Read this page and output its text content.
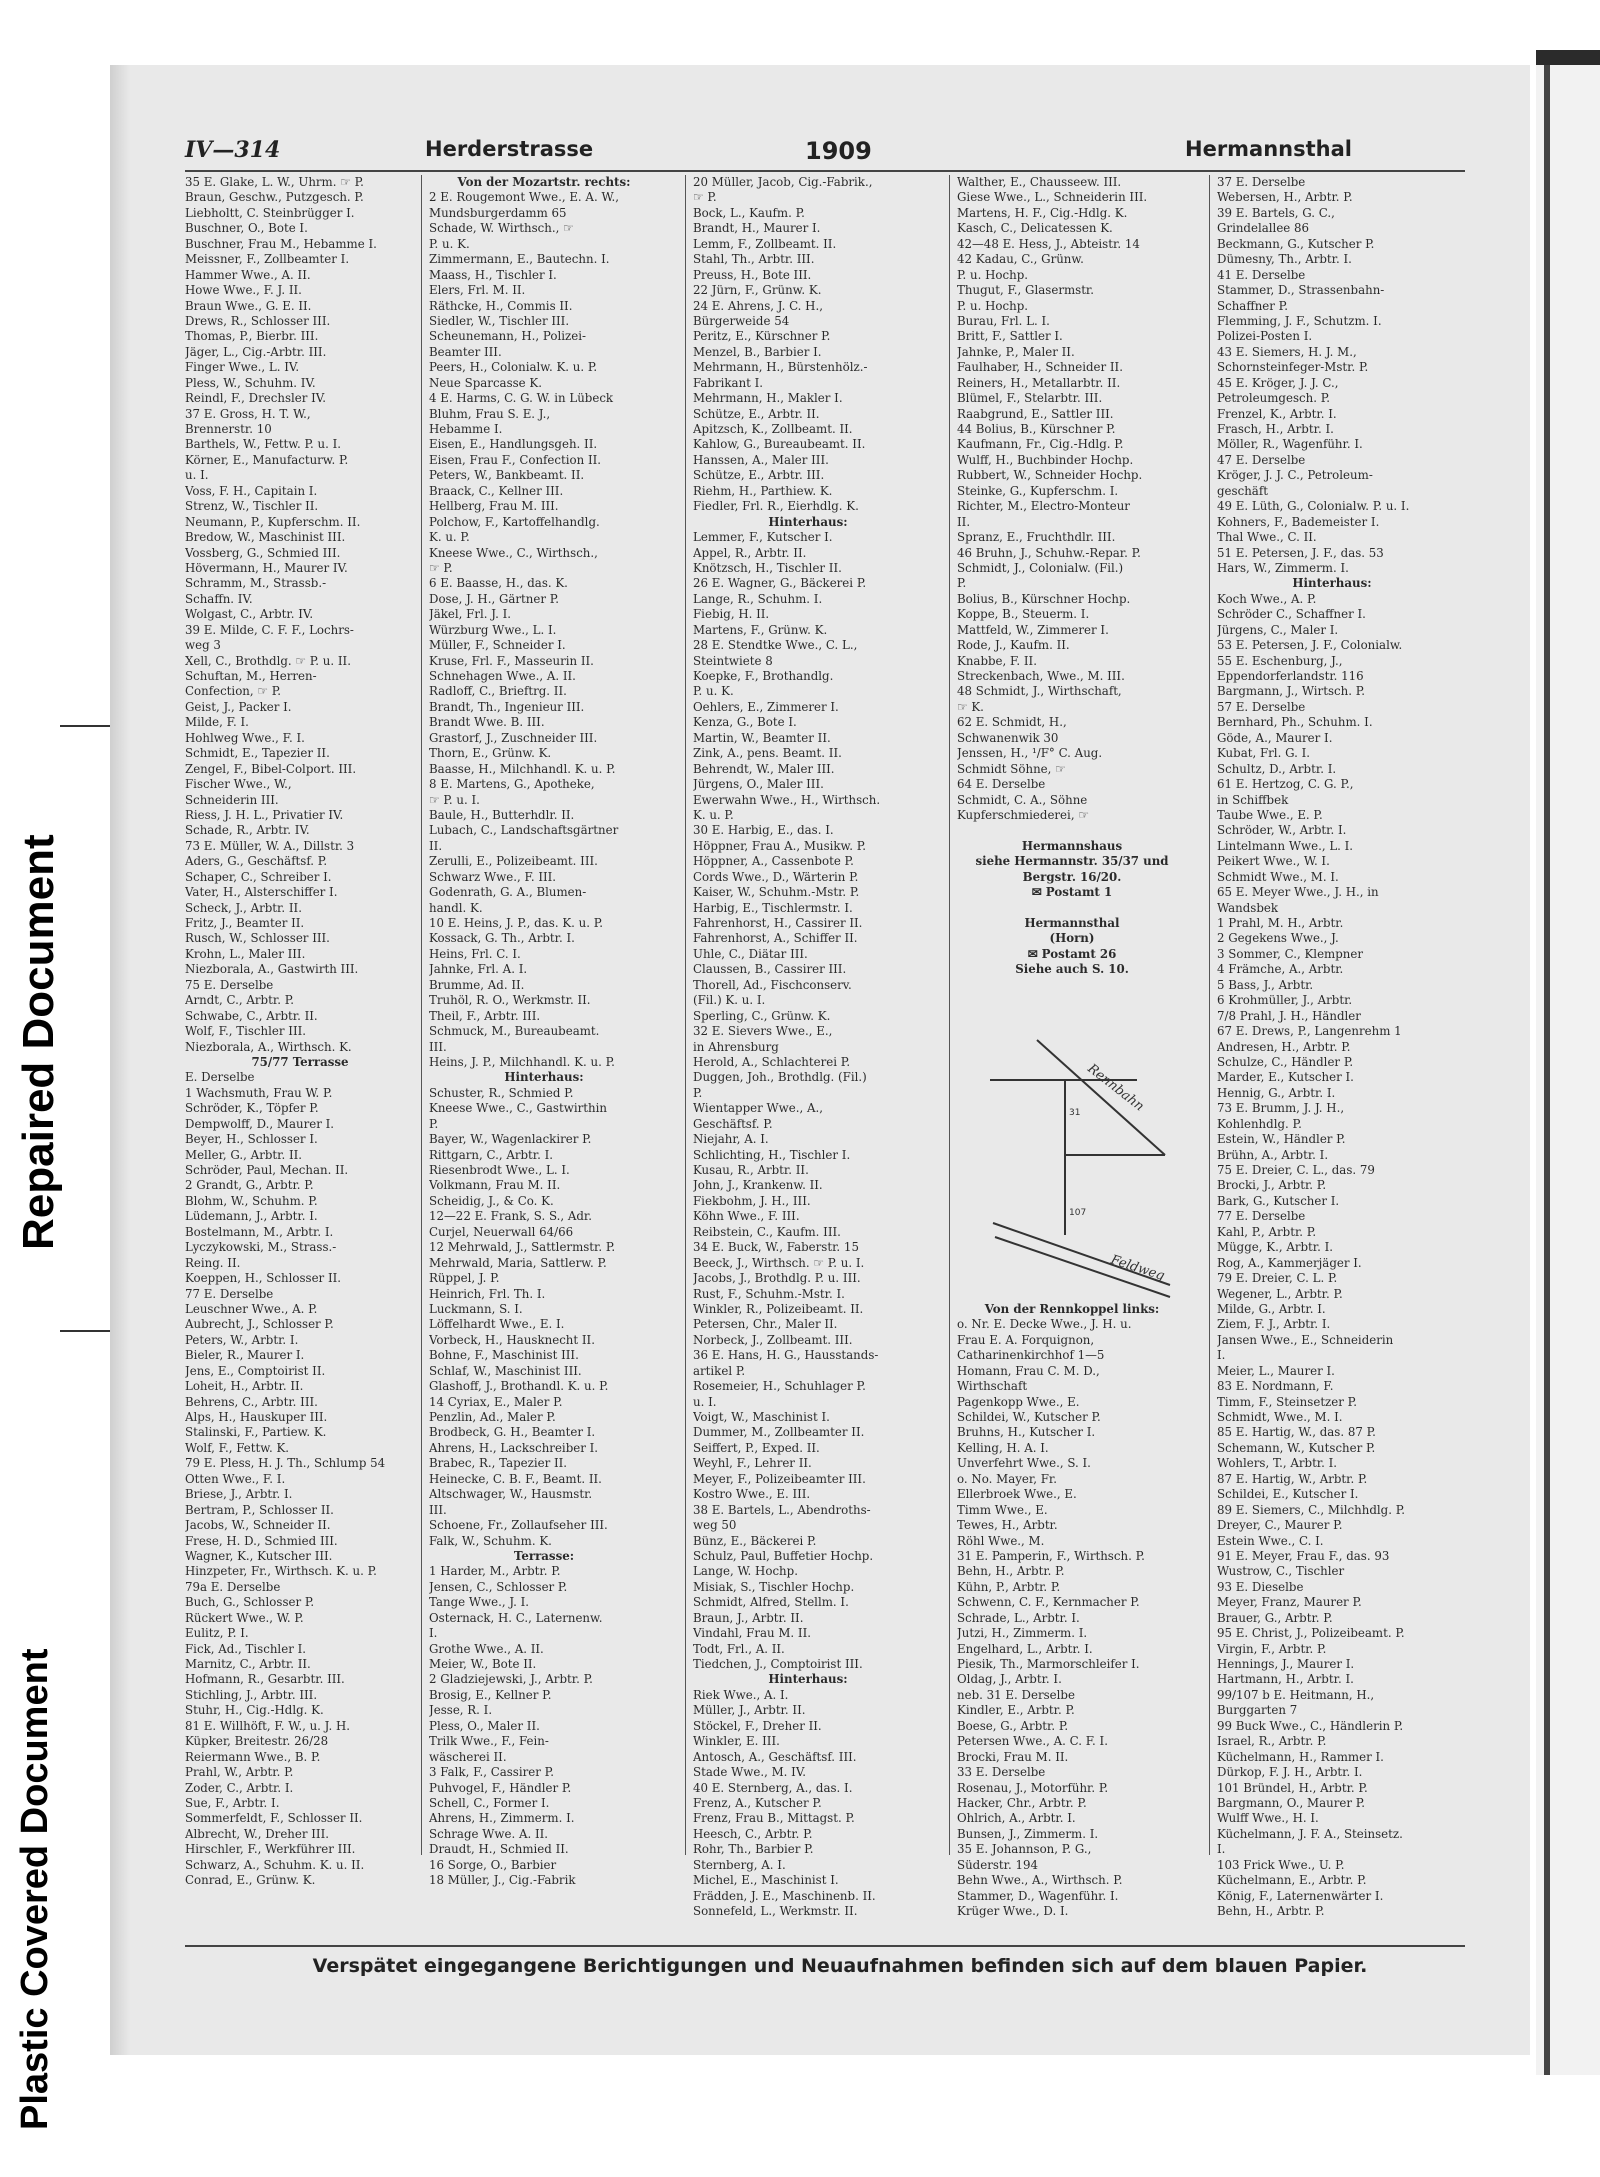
Repaired Document
Plastic Covered Document
IV—314	Herderstrasse	1909	Hermannsthal
35 E. Glake, L. W., Uhrm. ☞ P.
Braun, Geschw., Putzgesch. P.
Liebholtt, C. Steinbrügger I.
Buschner, O., Bote I.
Buschner, Frau M., Hebamme I.
Meissner, F., Zollbeamter I.
Hammer Wwe., A. II.
Howe Wwe., F. J. II.
Braun Wwe., G. E. II.
Drews, R., Schlosser III.
Thomas, P., Bierbr. III.
Jäger, L., Cig.-Arbtr. III.
Finger Wwe., L. IV.
Pless, W., Schuhm. IV.
Reindl, F., Drechsler IV.
37 E. Gross, H. T. W.,
Brennerstr. 10
Barthels, W., Fettw. P. u. I.
Körner, E., Manufacturw. P.
u. I.
Voss, F. H., Capitain I.
Strenz, W., Tischler II.
Neumann, P., Kupferschm. II.
Bredow, W., Maschinist III.
Vossberg, G., Schmied III.
Hövermann, H., Maurer IV.
Schramm, M., Strassb.-
Schaffn. IV.
Wolgast, C., Arbtr. IV.
39 E. Milde, C. F. F., Lochrs-
weg 3
Xell, C., Brothdlg. ☞ P. u. II.
Schuftan, M., Herren-
Confection, ☞ P.
Geist, J., Packer I.
Milde, F. I.
Hohlweg Wwe., F. I.
Schmidt, E., Tapezier II.
Zengel, F., Bibel-Colport. III.
Fischer Wwe., W.,
Schneiderin III.
Riess, J. H. L., Privatier IV.
Schade, R., Arbtr. IV.
73 E. Müller, W. A., Dillstr. 3
Aders, G., Geschäftsf. P.
Schaper, C., Schreiber I.
Vater, H., Alsterschiffer I.
Scheck, J., Arbtr. II.
Fritz, J., Beamter II.
Rusch, W., Schlosser III.
Krohn, L., Maler III.
Niezborala, A., Gastwirth III.
75 E. Derselbe
Arndt, C., Arbtr. P.
Schwabe, C., Arbtr. II.
Wolf, F., Tischler III.
Niezborala, A., Wirthsch. K.
75/77 Terrasse
E. Derselbe
1 Wachsmuth, Frau W. P.
Schröder, K., Töpfer P.
Dempwolff, D., Maurer I.
Beyer, H., Schlosser I.
Meller, G., Arbtr. II.
Schröder, Paul, Mechan. II.
2 Grandt, G., Arbtr. P.
Blohm, W., Schuhm. P.
Lüdemann, J., Arbtr. I.
Bostelmann, M., Arbtr. I.
Lyczykowski, M., Strass.-
Reing. II.
Koeppen, H., Schlosser II.
77 E. Derselbe
Leuschner Wwe., A. P.
Aubrecht, J., Schlosser P.
Peters, W., Arbtr. I.
Bieler, R., Maurer I.
Jens, E., Comptoirist II.
Loheit, H., Arbtr. II.
Behrens, C., Arbtr. III.
Alps, H., Hauskuper III.
Stalinski, F., Partiew. K.
Wolf, F., Fettw. K.
79 E. Pless, H. J. Th., Schlump 54
Otten Wwe., F. I.
Briese, J., Arbtr. I.
Bertram, P., Schlosser II.
Jacobs, W., Schneider II.
Frese, H. D., Schmied III.
Wagner, K., Kutscher III.
Hinzpeter, Fr., Wirthsch. K. u. P.
79a E. Derselbe
Buch, G., Schlosser P.
Rückert Wwe., W. P.
Eulitz, P. I.
Fick, Ad., Tischler I.
Marnitz, C., Arbtr. II.
Hofmann, R., Gesarbtr. III.
Stichling, J., Arbtr. III.
Stuhr, H., Cig.-Hdlg. K.
81 E. Willhöft, F. W., u. J. H.
Küpker, Breitestr. 26/28
Reiermann Wwe., B. P.
Prahl, W., Arbtr. P.
Zoder, C., Arbtr. I.
Sue, F., Arbtr. I.
Sommerfeldt, F., Schlosser II.
Albrecht, W., Dreher III.
Hirschler, F., Werkführer III.
Schwarz, A., Schuhm. K. u. II.
Conrad, E., Grünw. K.
Von der Mozartstr. rechts:
2 E. Rougemont Wwe., E. A. W.,
Mundsburgerdamm 65
Schade, W. Wirthsch., ☞
P. u. K.
Zimmermann, E., Bautechn. I.
Maass, H., Tischler I.
Elers, Frl. M. II.
Räthcke, H., Commis II.
Siedler, W., Tischler III.
Scheunemann, H., Polizei-
Beamter III.
Peers, H., Colonialw. K. u. P.
Neue Sparcasse K.
4 E. Harms, C. G. W. in Lübeck
Bluhm, Frau S. E. J.,
Hebamme I.
Eisen, E., Handlungsgeh. II.
Eisen, Frau F., Confection II.
Peters, W., Bankbeamt. II.
Braack, C., Kellner III.
Hellberg, Frau M. III.
Polchow, F., Kartoffelhandlg.
K. u. P.
Kneese Wwe., C., Wirthsch.,
☞ P.
6 E. Baasse, H., das. K.
Dose, J. H., Gärtner P.
Jäkel, Frl. J. I.
Würzburg Wwe., L. I.
Müller, F., Schneider I.
Kruse, Frl. F., Masseurin II.
Schnehagen Wwe., A. II.
Radloff, C., Brieftrg. II.
Brandt, Th., Ingenieur III.
Brandt Wwe. B. III.
Grastorf, J., Zuschneider III.
Thorn, E., Grünw. K.
Baasse, H., Milchhandl. K. u. P.
8 E. Martens, G., Apotheke,
☞ P. u. I.
Baule, H., Butterhdlr. II.
Lubach, C., Landschaftsgärtner
II.
Zerulli, E., Polizeibeamt. III.
Schwarz Wwe., F. III.
Godenrath, G. A., Blumen-
handl. K.
10 E. Heins, J. P., das. K. u. P.
Kossack, G. Th., Arbtr. I.
Heins, Frl. C. I.
Jahnke, Frl. A. I.
Brumme, Ad. II.
Truhöl, R. O., Werkmstr. II.
Theil, F., Arbtr. III.
Schmuck, M., Bureaubeamt.
III.
Heins, J. P., Milchhandl. K. u. P.
Hinterhaus:
Schuster, R., Schmied P.
Kneese Wwe., C., Gastwirthin
P.
Bayer, W., Wagenlackirer P.
Rittgarn, C., Arbtr. I.
Riesenbrodt Wwe., L. I.
Volkmann, Frau M. II.
Scheidig, J., & Co. K.
12—22 E. Frank, S. S., Adr.
Curjel, Neuerwall 64/66
12 Mehrwald, J., Sattlermstr. P.
Mehrwald, Maria, Sattlerw. P.
Rüppel, J. P.
Heinrich, Frl. Th. I.
Luckmann, S. I.
Löffelhardt Wwe., E. I.
Vorbeck, H., Hausknecht II.
Bohne, F., Maschinist III.
Schlaf, W., Maschinist III.
Glashoff, J., Brothandl. K. u. P.
14 Cyriax, E., Maler P.
Penzlin, Ad., Maler P.
Brodbeck, G. H., Beamter I.
Ahrens, H., Lackschreiber I.
Brabec, R., Tapezier II.
Heinecke, C. B. F., Beamt. II.
Altschwager, W., Hausmstr.
III.
Schoene, Fr., Zollaufseher III.
Falk, W., Schuhm. K.
Terrasse:
1 Harder, M., Arbtr. P.
Jensen, C., Schlosser P.
Tange Wwe., J. I.
Osternack, H. C., Laternenw.
I.
Grothe Wwe., A. II.
Meier, W., Bote II.
2 Gladziejewski, J., Arbtr. P.
Brosig, E., Kellner P.
Jesse, R. I.
Pless, O., Maler II.
Trilk Wwe., F., Fein-
wäscherei II.
3 Falk, F., Cassirer P.
Puhvogel, F., Händler P.
Schell, C., Former I.
Ahrens, H., Zimmerm. I.
Schrage Wwe. A. II.
Draudt, H., Schmied II.
16 Sorge, O., Barbier
18 Müller, J., Cig.-Fabrik
20 Müller, Jacob, Cig.-Fabrik.,
☞ P.
Bock, L., Kaufm. P.
Brandt, H., Maurer I.
Lemm, F., Zollbeamt. II.
Stahl, Th., Arbtr. III.
Preuss, H., Bote III.
22 Jürn, F., Grünw. K.
24 E. Ahrens, J. C. H.,
Bürgerweide 54
Peritz, E., Kürschner P.
Menzel, B., Barbier I.
Mehrmann, H., Bürstenhölz.-
Fabrikant I.
Mehrmann, H., Makler I.
Schütze, E., Arbtr. II.
Apitzsch, K., Zollbeamt. II.
Kahlow, G., Bureaubeamt. II.
Hanssen, A., Maler III.
Schütze, E., Arbtr. III.
Riehm, H., Parthiew. K.
Fiedler, Frl. R., Eierhdlg. K.
Hinterhaus:
Lemmer, F., Kutscher I.
Appel, R., Arbtr. II.
Knötzsch, H., Tischler II.
26 E. Wagner, G., Bäckerei P.
Lange, R., Schuhm. I.
Fiebig, H. II.
Martens, F., Grünw. K.
28 E. Stendtke Wwe., C. L.,
Steintwiete 8
Koepke, F., Brothandlg.
P. u. K.
Oehlers, E., Zimmerer I.
Kenza, G., Bote I.
Martin, W., Beamter II.
Zink, A., pens. Beamt. II.
Behrendt, W., Maler III.
Jürgens, O., Maler III.
Ewerwahn Wwe., H., Wirthsch.
K. u. P.
30 E. Harbig, E., das. I.
Höppner, Frau A., Musikw. P.
Höppner, A., Cassenbote P.
Cords Wwe., D., Wärterin P.
Kaiser, W., Schuhm.-Mstr. P.
Harbig, E., Tischlermstr. I.
Fahrenhorst, H., Cassirer II.
Fahrenhorst, A., Schiffer II.
Uhle, C., Diätar III.
Claussen, B., Cassirer III.
Thorell, Ad., Fischconserv.
(Fil.) K. u. I.
Sperling, C., Grünw. K.
32 E. Sievers Wwe., E.,
in Ahrensburg
Herold, A., Schlachterei P.
Duggen, Joh., Brothdlg. (Fil.)
P.
Wientapper Wwe., A.,
Geschäftsf. P.
Niejahr, A. I.
Schlichting, H., Tischler I.
Kusau, R., Arbtr. II.
John, J., Krankenw. II.
Fiekbohm, J. H., III.
Köhn Wwe., F. III.
Reibstein, C., Kaufm. III.
34 E. Buck, W., Faberstr. 15
Beeck, J., Wirthsch. ☞ P. u. I.
Jacobs, J., Brothdlg. P. u. III.
Rust, F., Schuhm.-Mstr. I.
Winkler, R., Polizeibeamt. II.
Petersen, Chr., Maler II.
Norbeck, J., Zollbeamt. III.
36 E. Hans, H. G., Hausstands-
artikel P.
Rosemeier, H., Schuhlager P.
u. I.
Voigt, W., Maschinist I.
Dummer, M., Zollbeamter II.
Seiffert, P., Exped. II.
Weyhl, F., Lehrer II.
Meyer, F., Polizeibeamter III.
Kostro Wwe., E. III.
38 E. Bartels, L., Abendroths-
weg 50
Bünz, E., Bäckerei P.
Schulz, Paul, Buffetier Hochp.
Lange, W. Hochp.
Misiak, S., Tischler Hochp.
Schmidt, Alfred, Stellm. I.
Braun, J., Arbtr. II.
Vindahl, Frau M. II.
Todt, Frl., A. II.
Tiedchen, J., Comptoirist III.
Hinterhaus:
Riek Wwe., A. I.
Müller, J., Arbtr. II.
Stöckel, F., Dreher II.
Winkler, E. III.
Antosch, A., Geschäftsf. III.
Stade Wwe., M. IV.
40 E. Sternberg, A., das. I.
Frenz, A., Kutscher P.
Frenz, Frau B., Mittagst. P.
Heesch, C., Arbtr. P.
Rohr, Th., Barbier P.
Sternberg, A. I.
Michel, E., Maschinist I.
Frädden, J. E., Maschinenb. II.
Sonnefeld, L., Werkmstr. II.
Walther, E., Chausseew. III.
Giese Wwe., L., Schneiderin III.
Martens, H. F., Cig.-Hdlg. K.
Kasch, C., Delicatessen K.
42—48 E. Hess, J., Abteistr. 14
42 Kadau, C., Grünw.
P. u. Hochp.
Thugut, F., Glasermstr.
P. u. Hochp.
Burau, Frl. L. I.
Britt, F., Sattler I.
Jahnke, P., Maler II.
Faulhaber, H., Schneider II.
Reiners, H., Metallarbtr. II.
Blümel, F., Stelarbtr. III.
Raabgrund, E., Sattler III.
44 Bolius, B., Kürschner P.
Kaufmann, Fr., Cig.-Hdlg. P.
Wulff, H., Buchbinder Hochp.
Rubbert, W., Schneider Hochp.
Steinke, G., Kupferschm. I.
Richter, M., Electro-Monteur
II.
Spranz, E., Fruchthdlr. III.
46 Bruhn, J., Schuhw.-Repar. P.
Schmidt, J., Colonialw. (Fil.)
P.
Bolius, B., Kürschner Hochp.
Koppe, B., Steuerm. I.
Mattfeld, W., Zimmerer I.
Rode, J., Kaufm. II.
Knabbe, F. II.
Streckenbach, Wwe., M. III.
48 Schmidt, J., Wirthschaft,
☞ K.
62 E. Schmidt, H.,
Schwanenwik 30
Jenssen, H., ¹/F° C. Aug.
Schmidt Söhne, ☞
64 E. Derselbe
Schmidt, C. A., Söhne
Kupferschmiederei, ☞
Hermannshaus
siehe Hermannstr. 35/37 und
Bergstr. 16/20.
✉ Postamt 1
Hermannsthal
(Horn)
✉ Postamt 26
Siehe auch S. 10.
Von der Rennkoppel links:
o. Nr. E. Decke Wwe., J. H. u.
Frau E. A. Forquignon,
Catharinenkirchhof 1—5
Homann, Frau C. M. D.,
Wirthschaft
Pagenkopp Wwe., E.
Schildei, W., Kutscher P.
Bruhns, H., Kutscher I.
Kelling, H. A. I.
Unverfehrt Wwe., S. I.
o. No. Mayer, Fr.
Ellerbroek Wwe., E.
Timm Wwe., E.
Tewes, H., Arbtr.
Röhl Wwe., M.
31 E. Pamperin, F., Wirthsch. P.
Behn, H., Arbtr. P.
Kühn, P., Arbtr. P.
Schwenn, C. F., Kernmacher P.
Schrade, L., Arbtr. I.
Jutzi, H., Zimmerm. I.
Engelhard, L., Arbtr. I.
Piesik, Th., Marmorschleifer I.
Oldag, J., Arbtr. I.
neb. 31 E. Derselbe
Kindler, E., Arbtr. P.
Boese, G., Arbtr. P.
Petersen Wwe., A. C. F. I.
Brocki, Frau M. II.
33 E. Derselbe
Rosenau, J., Motorführ. P.
Hacker, Chr., Arbtr. P.
Ohlrich, A., Arbtr. I.
Bunsen, J., Zimmerm. I.
35 E. Johannson, P. G.,
Süderstr. 194
Behn Wwe., A., Wirthsch. P.
Stammer, D., Wagenführ. I.
Krüger Wwe., D. I.
37 E. Derselbe
Webersen, H., Arbtr. P.
39 E. Bartels, G. C.,
Grindelallee 86
Beckmann, G., Kutscher P.
Dümesny, Th., Arbtr. I.
41 E. Derselbe
Stammer, D., Strassenbahn-
Schaffner P.
Flemming, J. F., Schutzm. I.
Polizei-Posten I.
43 E. Siemers, H. J. M.,
Schornsteinfeger-Mstr. P.
45 E. Kröger, J. J. C.,
Petroleumgesch. P.
Frenzel, K., Arbtr. I.
Frasch, H., Arbtr. I.
Möller, R., Wagenführ. I.
47 E. Derselbe
Kröger, J. J. C., Petroleum-
geschäft
49 E. Lüth, G., Colonialw. P. u. I.
Kohners, F., Bademeister I.
Thal Wwe., C. II.
51 E. Petersen, J. F., das. 53
Hars, W., Zimmerm. I.
Hinterhaus:
Koch Wwe., A. P.
Schröder C., Schaffner I.
Jürgens, C., Maler I.
53 E. Petersen, J. F., Colonialw.
55 E. Eschenburg, J.,
Eppendorferlandstr. 116
Bargmann, J., Wirtsch. P.
57 E. Derselbe
Bernhard, Ph., Schuhm. I.
Göde, A., Maurer I.
Kubat, Frl. G. I.
Schultz, D., Arbtr. I.
61 E. Hertzog, C. G. P.,
in Schiffbek
Taube Wwe., E. P.
Schröder, W., Arbtr. I.
Lintelmann Wwe., L. I.
Peikert Wwe., W. I.
Schmidt Wwe., M. I.
65 E. Meyer Wwe., J. H., in
Wandsbek
1 Prahl, M. H., Arbtr.
2 Gegekens Wwe., J.
3 Sommer, C., Klempner
4 Främche, A., Arbtr.
5 Bass, J., Arbtr.
6 Krohmüller, J., Arbtr.
7/8 Prahl, J. H., Händler
67 E. Drews, P., Langenrehm 1
Andresen, H., Arbtr. P.
Schulze, C., Händler P.
Marder, E., Kutscher I.
Hennig, G., Arbtr. I.
73 E. Brumm, J. J. H.,
Kohlenhdlg. P.
Estein, W., Händler P.
Brühn, A., Arbtr. I.
75 E. Dreier, C. L., das. 79
Brocki, J., Arbtr. P.
Bark, G., Kutscher I.
77 E. Derselbe
Kahl, P., Arbtr. P.
Mügge, K., Arbtr. I.
Rog, A., Kammerjäger I.
79 E. Dreier, C. L. P.
Wegener, L., Arbtr. P.
Milde, G., Arbtr. I.
Ziem, F. J., Arbtr. I.
Jansen Wwe., E., Schneiderin
I.
Meier, L., Maurer I.
83 E. Nordmann, F.
Timm, F., Steinsetzer P.
Schmidt, Wwe., M. I.
85 E. Hartig, W., das. 87 P.
Schemann, W., Kutscher P.
Wohlers, T., Arbtr. I.
87 E. Hartig, W., Arbtr. P.
Schildei, E., Kutscher I.
89 E. Siemers, C., Milchhdlg. P.
Dreyer, C., Maurer P.
Estein Wwe., C. I.
91 E. Meyer, Frau F., das. 93
Wustrow, C., Tischler
93 E. Dieselbe
Meyer, Franz, Maurer P.
Brauer, G., Arbtr. P.
95 E. Christ, J., Polizeibeamt. P.
Virgin, F., Arbtr. P.
Hennings, J., Maurer I.
Hartmann, H., Arbtr. I.
99/107 b E. Heitmann, H.,
Burggarten 7
99 Buck Wwe., C., Händlerin P.
Israel, R., Arbtr. P.
Küchelmann, H., Rammer I.
Dürkop, F. J. H., Arbtr. I.
101 Bründel, H., Arbtr. P.
Bargmann, O., Maurer P.
Wulff Wwe., H. I.
Küchelmann, J. F. A., Steinsetz.
I.
103 Frick Wwe., U. P.
Küchelmann, E., Arbtr. P.
König, F., Laternenwärter I.
Behn, H., Arbtr. P.
Rennbahn
Feldweg
31
107
Verspätet eingegangene Berichtigungen und Neuaufnahmen befinden sich auf dem blauen Papier.
